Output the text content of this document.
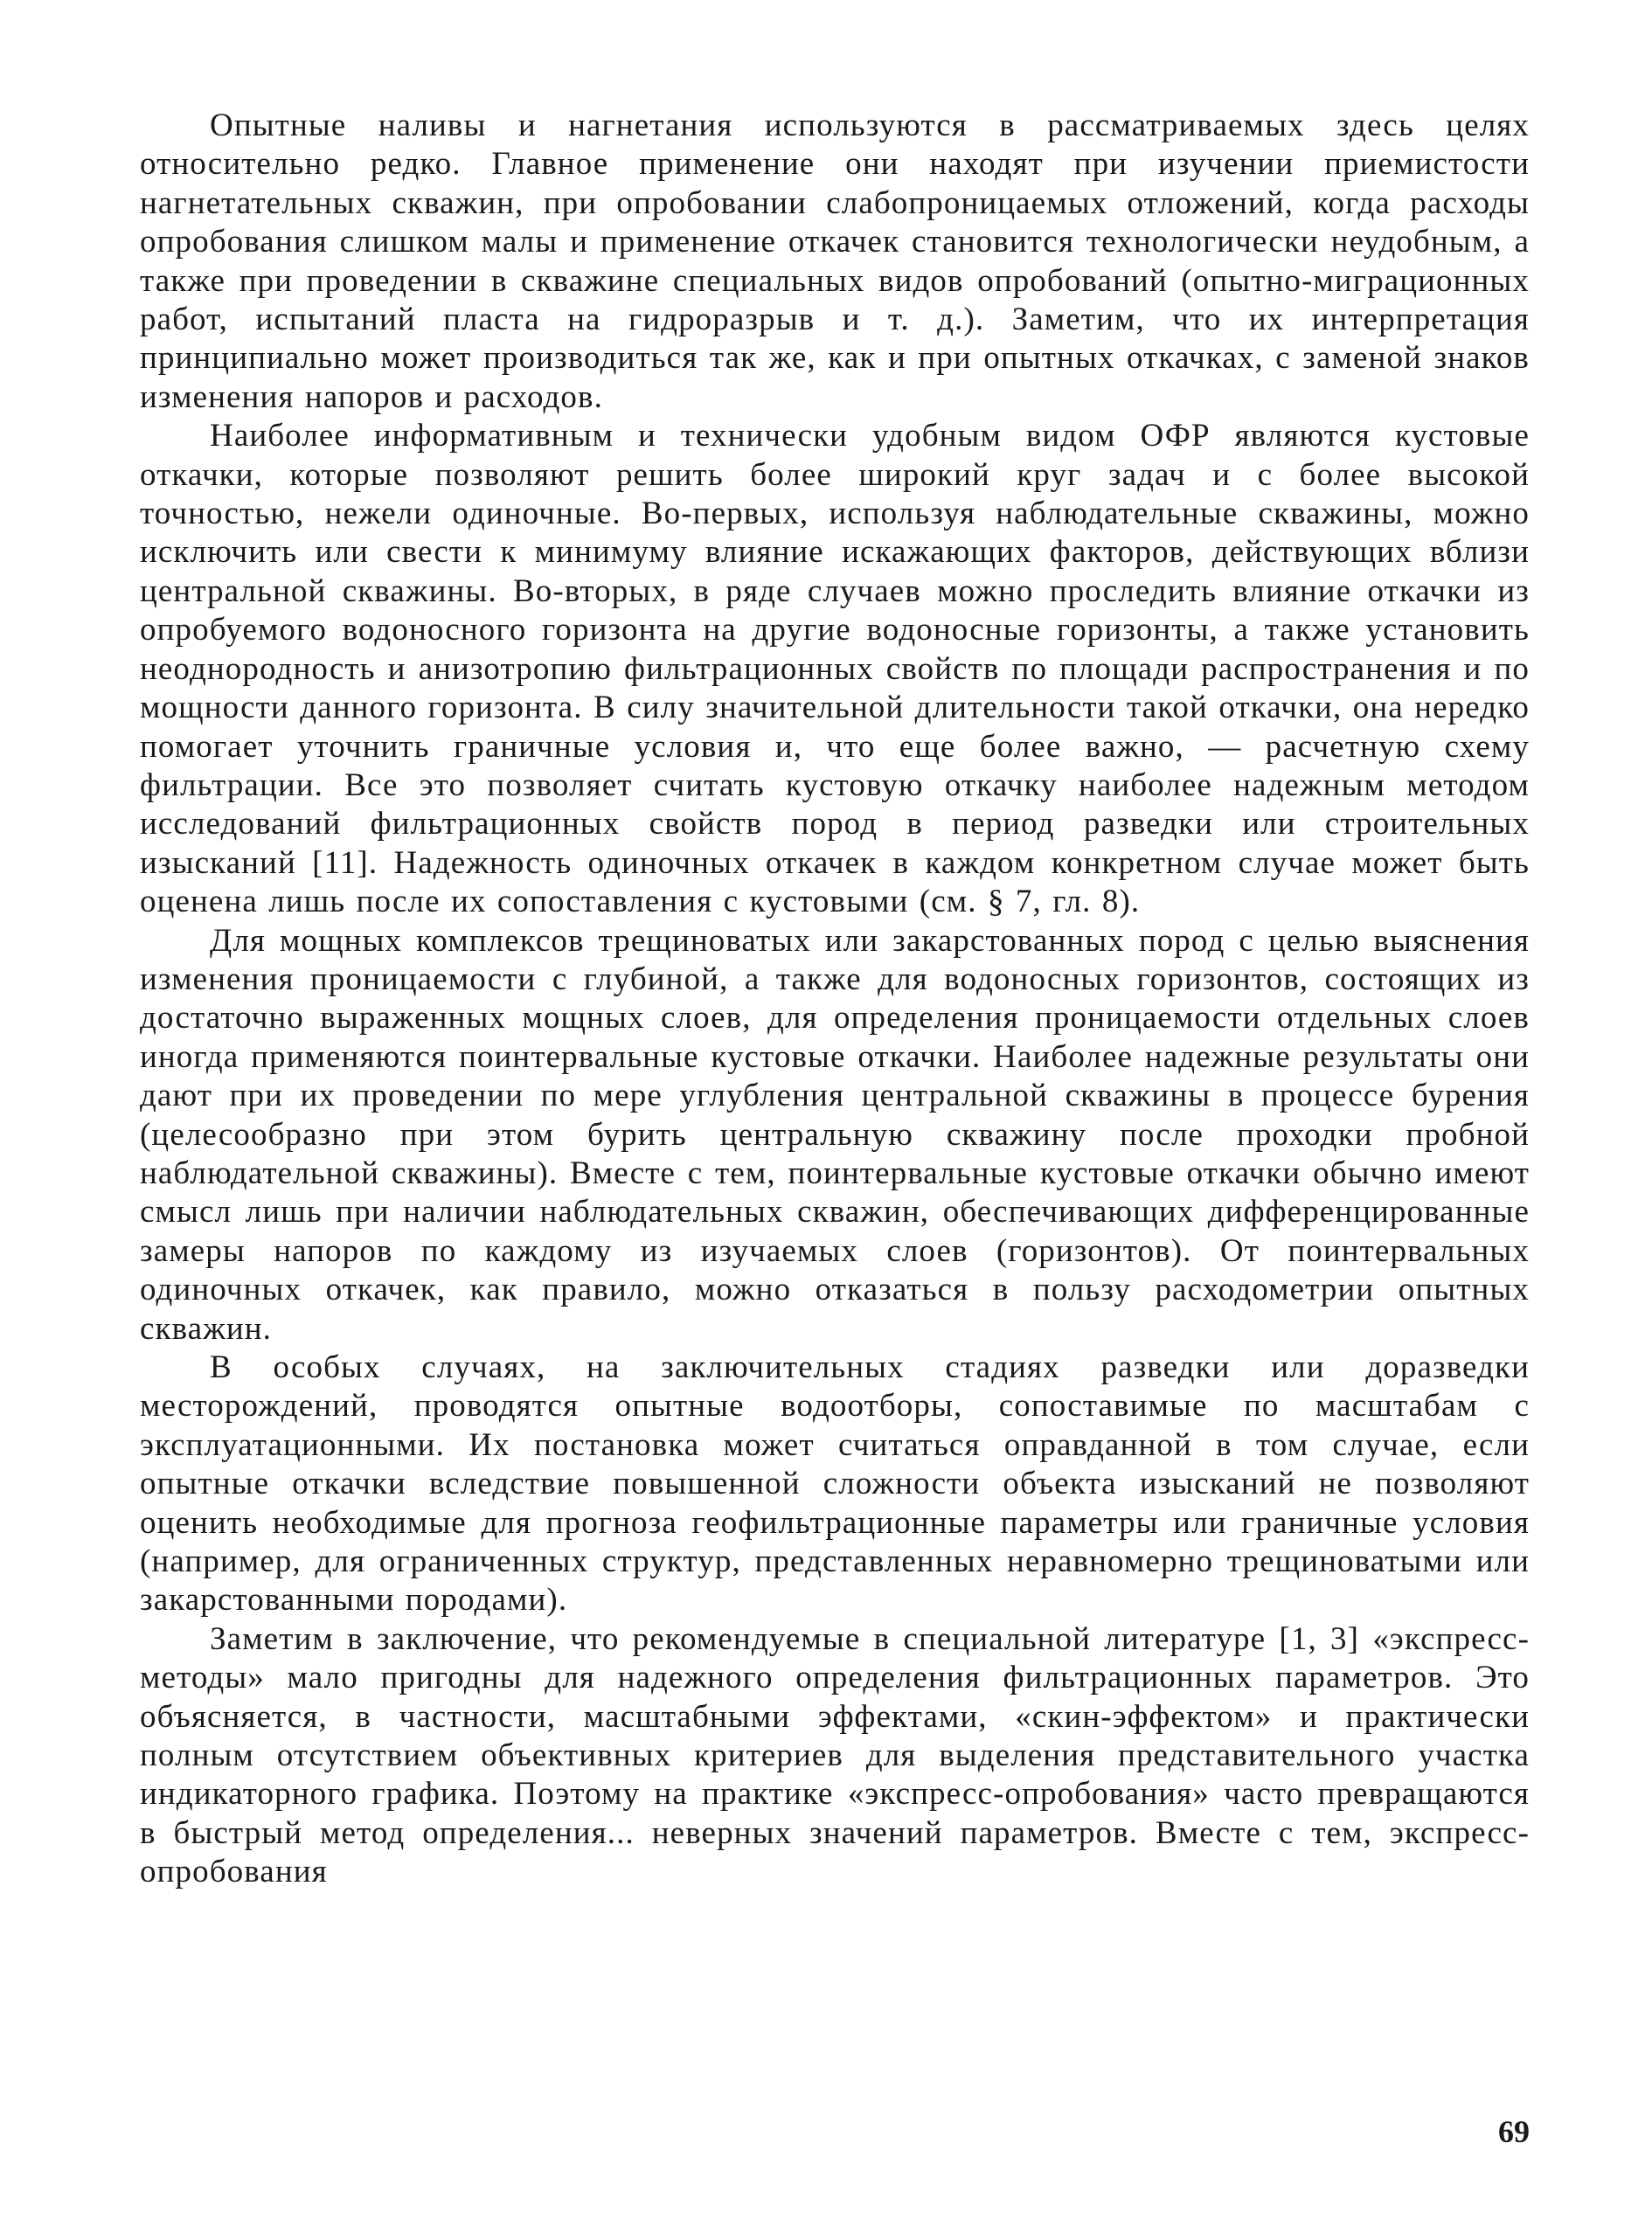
Опытные наливы и нагнетания используются в рассматриваемых здесь целях относительно редко. Главное применение они находят при изучении приемистости нагнетательных скважин, при опробовании слабопроницаемых отложений, когда расходы опробования слишком малы и применение откачек становится технологически неудобным, а также при проведении в скважине специальных видов опробований (опытно-миграционных работ, испытаний пласта на гидроразрыв и т. д.). Заметим, что их интерпретация принципиально может производиться так же, как и при опытных откачках, с заменой знаков изменения напоров и расходов.

Наиболее информативным и технически удобным видом ОФР являются кустовые откачки, которые позволяют решить более широкий круг задач и с более высокой точностью, нежели одиночные. Во-первых, используя наблюдательные скважины, можно исключить или свести к минимуму влияние искажающих факторов, действующих вблизи центральной скважины. Во-вторых, в ряде случаев можно проследить влияние откачки из опробуемого водоносного горизонта на другие водоносные горизонты, а также установить неоднородность и анизотропию фильтрационных свойств по площади распространения и по мощности данного горизонта. В силу значительной длительности такой откачки, она нередко помогает уточнить граничные условия и, что еще более важно, — расчетную схему фильтрации. Все это позволяет считать кустовую откачку наиболее надежным методом исследований фильтрационных свойств пород в период разведки или строительных изысканий [11]. Надежность одиночных откачек в каждом конкретном случае может быть оценена лишь после их сопоставления с кустовыми (см. § 7, гл. 8).

Для мощных комплексов трещиноватых или закарстованных пород с целью выяснения изменения проницаемости с глубиной, а также для водоносных горизонтов, состоящих из достаточно выраженных мощных слоев, для определения проницаемости отдельных слоев иногда применяются поинтервальные кустовые откачки. Наиболее надежные результаты они дают при их проведении по мере углубления центральной скважины в процессе бурения (целесообразно при этом бурить центральную скважину после проходки пробной наблюдательной скважины). Вместе с тем, поинтервальные кустовые откачки обычно имеют смысл лишь при наличии наблюдательных скважин, обеспечивающих дифференцированные замеры напоров по каждому из изучаемых слоев (горизонтов). От поинтервальных одиночных откачек, как правило, можно отказаться в пользу расходометрии опытных скважин.

В особых случаях, на заключительных стадиях разведки или доразведки месторождений, проводятся опытные водоотборы, сопоставимые по масштабам с эксплуатационными. Их постановка может считаться оправданной в том случае, если опытные откачки вследствие повышенной сложности объекта изысканий не позволяют оценить необходимые для прогноза геофильтрационные параметры или граничные условия (например, для ограниченных структур, представленных неравномерно трещиноватыми или закарстованными породами).

Заметим в заключение, что рекомендуемые в специальной литературе [1, 3] «экспресс-методы» мало пригодны для надежного определения фильтрационных параметров. Это объясняется, в частности, масштабными эффектами, «скин-эффектом» и практически полным отсутствием объективных критериев для выделения представительного участка индикаторного графика. Поэтому на практике «экспресс-опробования» часто превращаются в быстрый метод определения... неверных значений параметров. Вместе с тем, экспресс-опробования

69
